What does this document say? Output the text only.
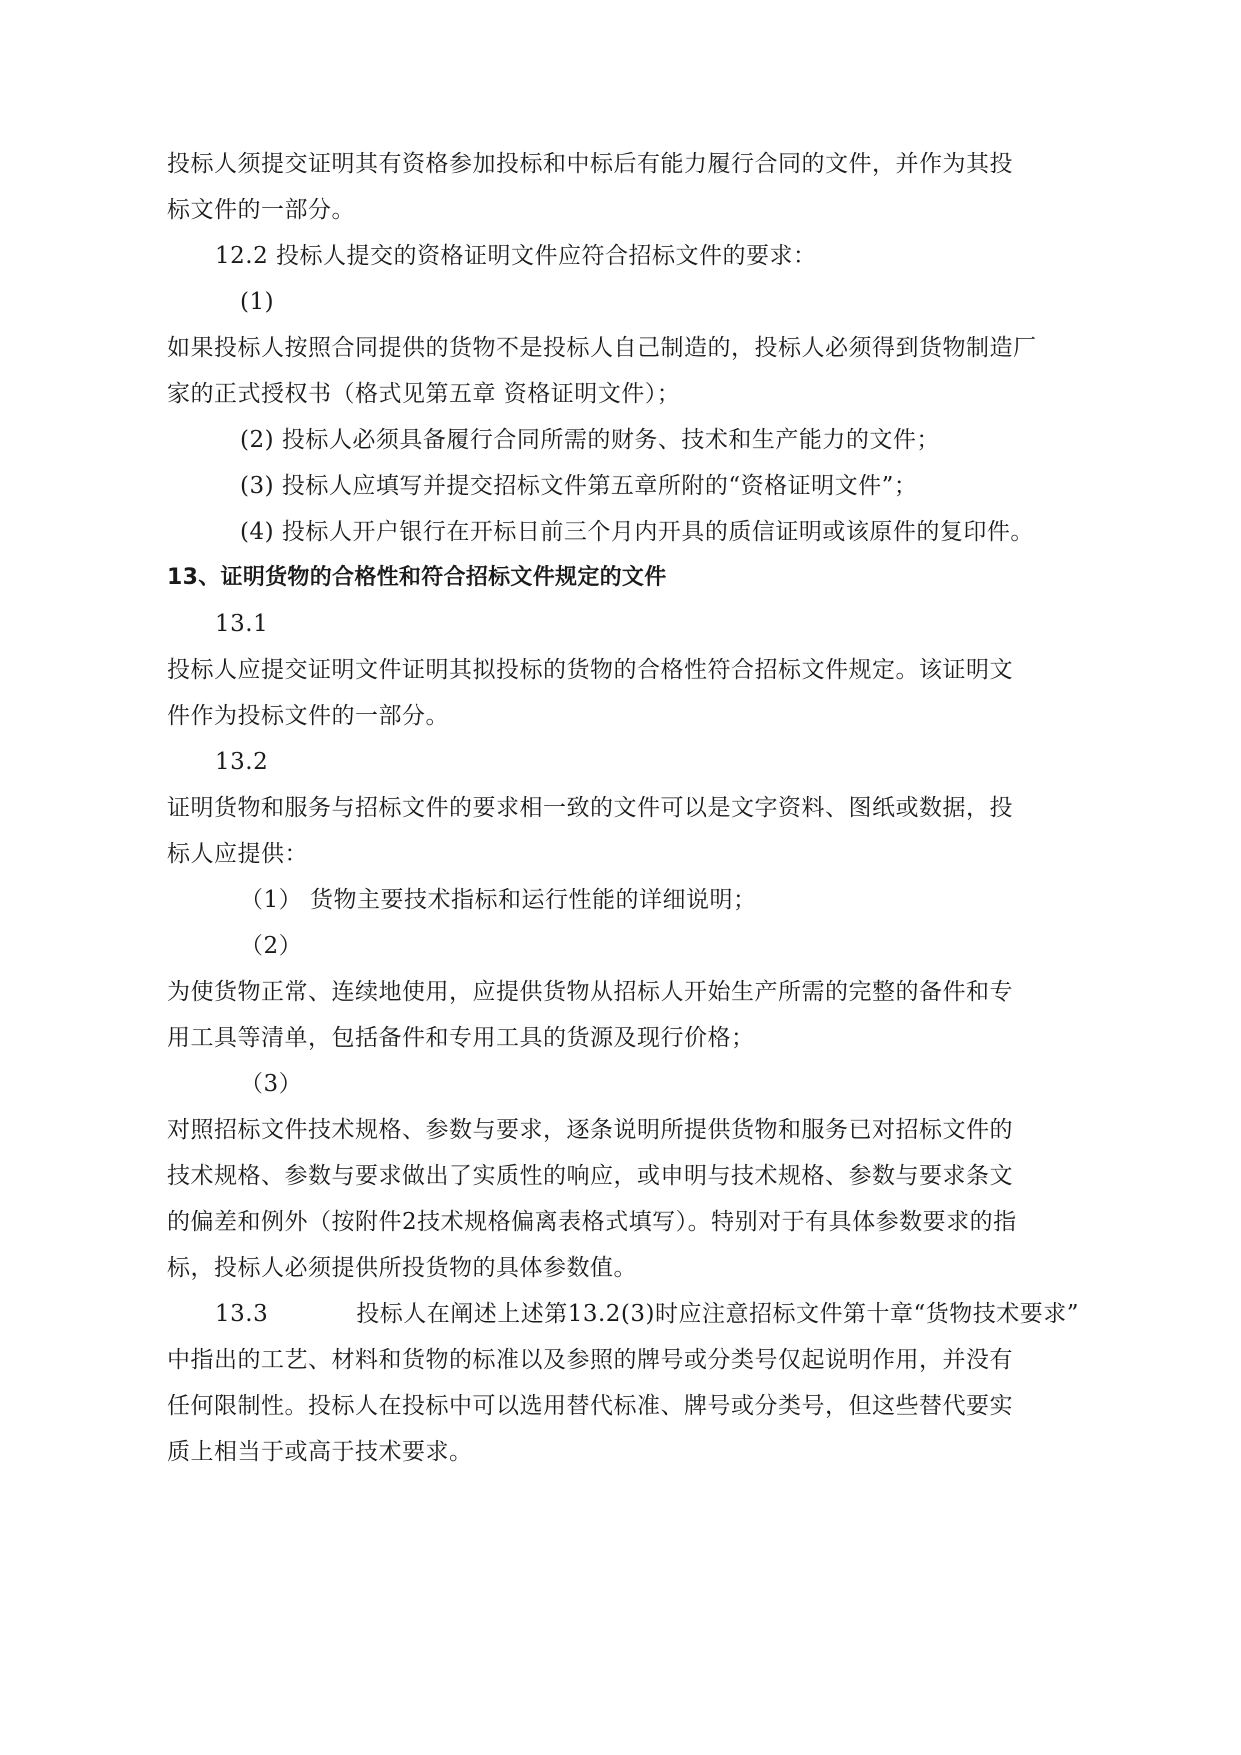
投标人须提交证明其有资格参加投标和中标后有能力履行合同的文件，并作为其投
标文件的一部分。
12.2 投标人提交的资格证明文件应符合招标文件的要求：
(1)
如果投标人按照合同提供的货物不是投标人自己制造的，投标人必须得到货物制造厂
家的正式授权书（格式见第五章 资格证明文件）；
(2) 投标人必须具备履行合同所需的财务、技术和生产能力的文件；
(3) 投标人应填写并提交招标文件第五章所附的“资格证明文件”；
(4) 投标人开户银行在开标日前三个月内开具的质信证明或该原件的复印件。
13、证明货物的合格性和符合招标文件规定的文件
13.1
投标人应提交证明文件证明其拟投标的货物的合格性符合招标文件规定。该证明文
件作为投标文件的一部分。
13.2
证明货物和服务与招标文件的要求相一致的文件可以是文字资料、图纸或数据，投
标人应提供：
（1） 货物主要技术指标和运行性能的详细说明；
（2）
为使货物正常、连续地使用，应提供货物从招标人开始生产所需的完整的备件和专
用工具等清单，包括备件和专用工具的货源及现行价格；
（3）
对照招标文件技术规格、参数与要求，逐条说明所提供货物和服务已对招标文件的
技术规格、参数与要求做出了实质性的响应，或申明与技术规格、参数与要求条文
的偏差和例外（按附件2技术规格偏离表格式填写）。特别对于有具体参数要求的指
标，投标人必须提供所投货物的具体参数值。
13.3	投标人在阐述上述第13.2(3)时应注意招标文件第十章“货物技术要求”
中指出的工艺、材料和货物的标准以及参照的牌号或分类号仅起说明作用，并没有
任何限制性。投标人在投标中可以选用替代标准、牌号或分类号，但这些替代要实
质上相当于或高于技术要求。
